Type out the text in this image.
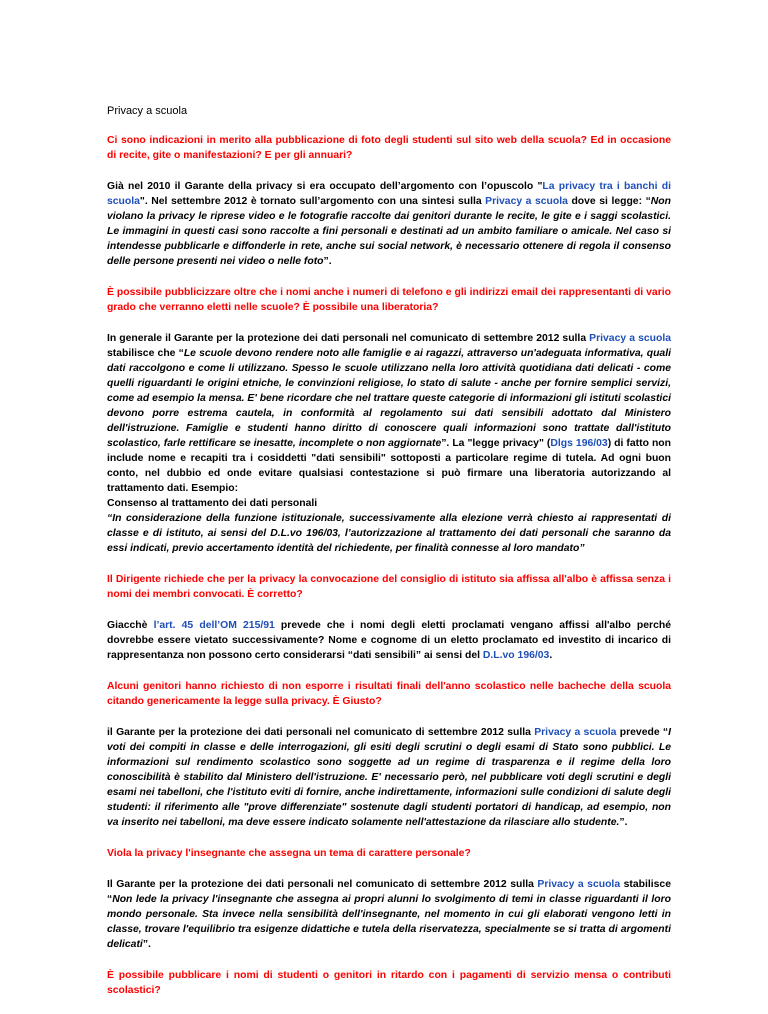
Privacy a scuola

Ci sono indicazioni in merito alla pubblicazione di foto degli studenti sul sito web della scuola? Ed in occasione di recite, gite o manifestazioni? E per gli annuari?

Già nel 2010 il Garante della privacy si era occupato dell’argomento con l’opuscolo "La privacy tra i banchi di scuola". Nel settembre 2012 è tornato sull’argomento con una sintesi sulla Privacy a scuola dove si legge: “Non violano la privacy le riprese video e le fotografie raccolte dai genitori durante le recite, le gite e i saggi scolastici. Le immagini in questi casi sono raccolte a fini personali e destinati ad un ambito familiare o amicale. Nel caso si intendesse pubblicarle e diffonderle in rete, anche sui social network, è necessario ottenere di regola il consenso delle persone presenti nei video o nelle foto”.

È possibile pubblicizzare oltre che i nomi anche i numeri di telefono e gli indirizzi email dei rappresentanti di vario grado che verranno eletti nelle scuole? È possibile una liberatoria?

In generale il Garante per la protezione dei dati personali nel comunicato di settembre 2012 sulla Privacy a scuola stabilisce che “Le scuole devono rendere noto alle famiglie e ai ragazzi, attraverso un'adeguata informativa, quali dati raccolgono e come li utilizzano. Spesso le scuole utilizzano nella loro attività quotidiana dati delicati - come quelli riguardanti le origini etniche, le convinzioni religiose, lo stato di salute - anche per fornire semplici servizi, come ad esempio la mensa. E' bene ricordare che nel trattare queste categorie di informazioni gli istituti scolastici devono porre estrema cautela, in conformità al regolamento sui dati sensibili adottato dal Ministero dell'istruzione. Famiglie e studenti hanno diritto di conoscere quali informazioni sono trattate dall'istituto scolastico, farle rettificare se inesatte, incomplete o non aggiornate”. La "legge privacy" (Dlgs 196/03) di fatto non include nome e recapiti tra i cosiddetti "dati sensibili" sottoposti a particolare regime di tutela. Ad ogni buon conto, nel dubbio ed onde evitare qualsiasi contestazione si può firmare una liberatoria autorizzando al trattamento dati. Esempio:
Consenso al trattamento dei dati personali
“In considerazione della funzione istituzionale, successivamente alla elezione verrà chiesto ai rappresentati di classe e di istituto, ai sensi del D.L.vo 196/03, l’autorizzazione al trattamento dei dati personali che saranno da essi indicati, previo accertamento identità del richiedente, per finalità connesse al loro mandato”

Il Dirigente richiede che per la privacy la convocazione del consiglio di istituto sia affissa all'albo è affissa senza i nomi dei membri convocati. È corretto?

Giacchè l’art. 45 dell’OM 215/91 prevede che i nomi degli eletti proclamati vengano affissi all'albo perché dovrebbe essere vietato successivamente? Nome e cognome di un eletto proclamato ed investito di incarico di rappresentanza non possono certo considerarsi “dati sensibili” ai sensi del D.L.vo 196/03.

Alcuni genitori hanno richiesto di non esporre i risultati finali dell'anno scolastico nelle bacheche della scuola citando genericamente la legge sulla privacy. È Giusto?

il Garante per la protezione dei dati personali nel comunicato di settembre 2012 sulla Privacy a scuola prevede “I voti dei compiti in classe e delle interrogazioni, gli esiti degli scrutini o degli esami di Stato sono pubblici. Le informazioni sul rendimento scolastico sono soggette ad un regime di trasparenza e il regime della loro conoscibilità è stabilito dal Ministero dell'istruzione. E' necessario però, nel pubblicare voti degli scrutini e degli esami nei tabelloni, che l'istituto eviti di fornire, anche indirettamente, informazioni sulle condizioni di salute degli studenti: il riferimento alle "prove differenziate" sostenute dagli studenti portatori di handicap, ad esempio, non va inserito nei tabelloni, ma deve essere indicato solamente nell'attestazione da rilasciare allo studente.”.

Viola la privacy l'insegnante che assegna un tema di carattere personale?

Il Garante per la protezione dei dati personali nel comunicato di settembre 2012 sulla Privacy a scuola stabilisce “Non lede la privacy l'insegnante che assegna ai propri alunni lo svolgimento di temi in classe riguardanti il loro mondo personale. Sta invece nella sensibilità dell'insegnante, nel momento in cui gli elaborati vengono letti in classe, trovare l'equilibrio tra esigenze didattiche e tutela della riservatezza, specialmente se si tratta di argomenti delicati”.

È possibile pubblicare i nomi di studenti o genitori in ritardo con i pagamenti di servizio mensa o contributi scolastici?
